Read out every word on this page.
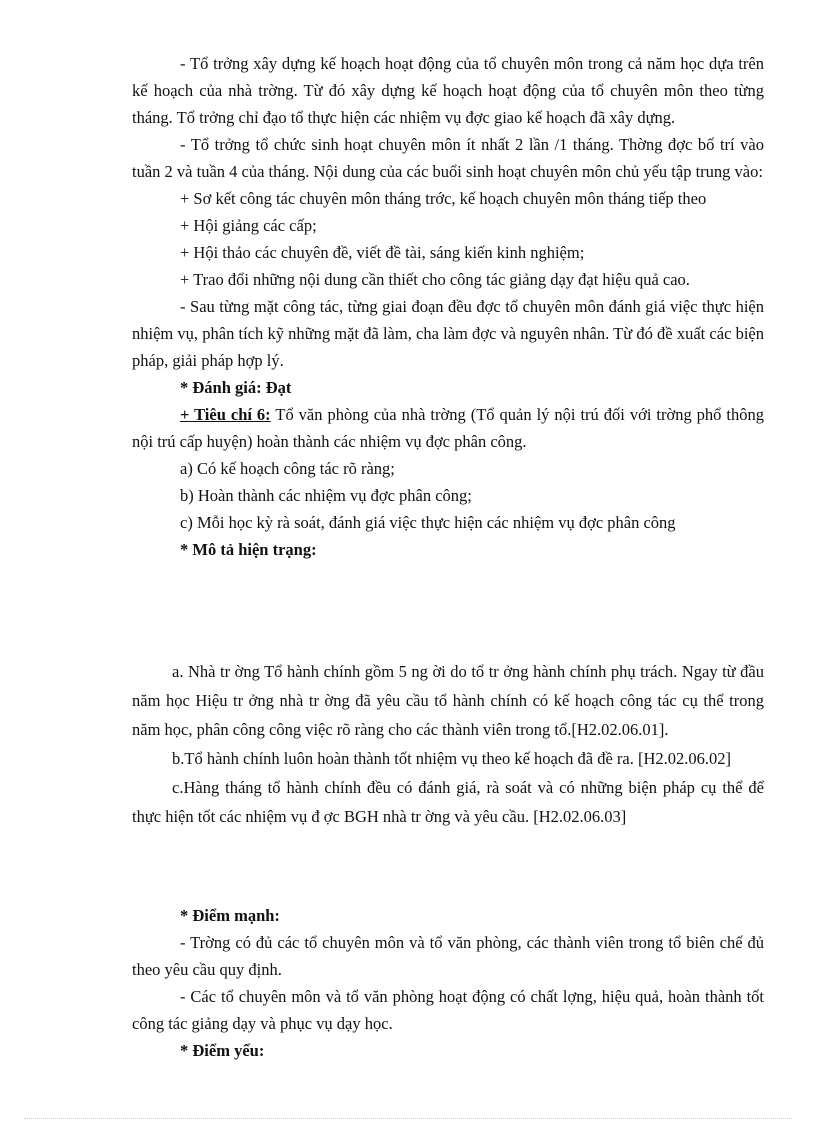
- Tổ trởng xây dựng kế hoạch hoạt động của tổ chuyên môn trong cả năm học dựa trên kế hoạch của nhà trờng. Từ đó xây dựng kế hoạch hoạt động của tổ chuyên môn theo từng tháng. Tổ trởng chỉ đạo tổ thực hiện các nhiệm vụ đợc giao kế hoạch đã xây dựng.
- Tổ trởng tổ chức sinh hoạt chuyên môn ít nhất 2 lần /1 tháng. Thờng đợc bố trí vào tuần 2 và tuần 4 của tháng. Nội dung của các buổi sinh hoạt chuyên môn chủ yếu tập trung vào:
+ Sơ kết công tác chuyên môn tháng trớc, kế hoạch chuyên môn tháng tiếp theo
+ Hội giảng các cấp;
+ Hội thảo các chuyên đề, viết đề tài, sáng kiến kinh nghiệm;
+ Trao đổi những nội dung cần thiết cho công tác giảng dạy đạt hiệu quả cao.
- Sau từng mặt công tác, từng giai đoạn đều đợc tổ chuyên môn đánh giá việc thực hiện nhiệm vụ, phân tích kỹ những mặt đã làm, cha làm đợc và nguyên nhân. Từ đó đề xuất các biện pháp, giải pháp hợp lý.
* Đánh giá: Đạt
+ Tiêu chí 6: Tổ văn phòng của nhà trờng (Tổ quản lý nội trú đối với trờng phổ thông nội trú cấp huyện) hoàn thành các nhiệm vụ đợc phân công.
a) Có kế hoạch công tác rõ ràng;
b) Hoàn thành các nhiệm vụ đợc phân công;
c) Mỗi học kỳ rà soát, đánh giá việc thực hiện các nhiệm vụ đợc phân công
* Mô tả hiện trạng:
a. Nhà tr ờng Tổ hành chính gồm 5 ng ời do tổ tr ởng hành chính phụ trách. Ngay từ đầu năm học Hiệu tr ởng nhà tr ờng đã yêu cầu tổ hành chính có kế hoạch công tác cụ thể trong năm học, phân công công việc rõ ràng cho các thành viên trong tổ.[H2.02.06.01].
b.Tổ hành chính luôn hoàn thành tốt nhiệm vụ theo kế hoạch đã đề ra. [H2.02.06.02]
c.Hàng tháng tổ hành chính đều có đánh giá, rà soát và có những biện pháp cụ thể để thực hiện tốt các nhiệm vụ đ ợc BGH nhà tr ờng và yêu cầu. [H2.02.06.03]
* Điểm mạnh:
- Trờng có đủ các tổ chuyên môn và tổ văn phòng, các thành viên trong tổ biên chế đủ theo yêu cầu quy định.
- Các tổ chuyên môn và tổ văn phòng hoạt động có chất lợng, hiệu quả, hoàn thành tốt công tác giảng dạy và phục vụ dạy học.
* Điểm yếu:
